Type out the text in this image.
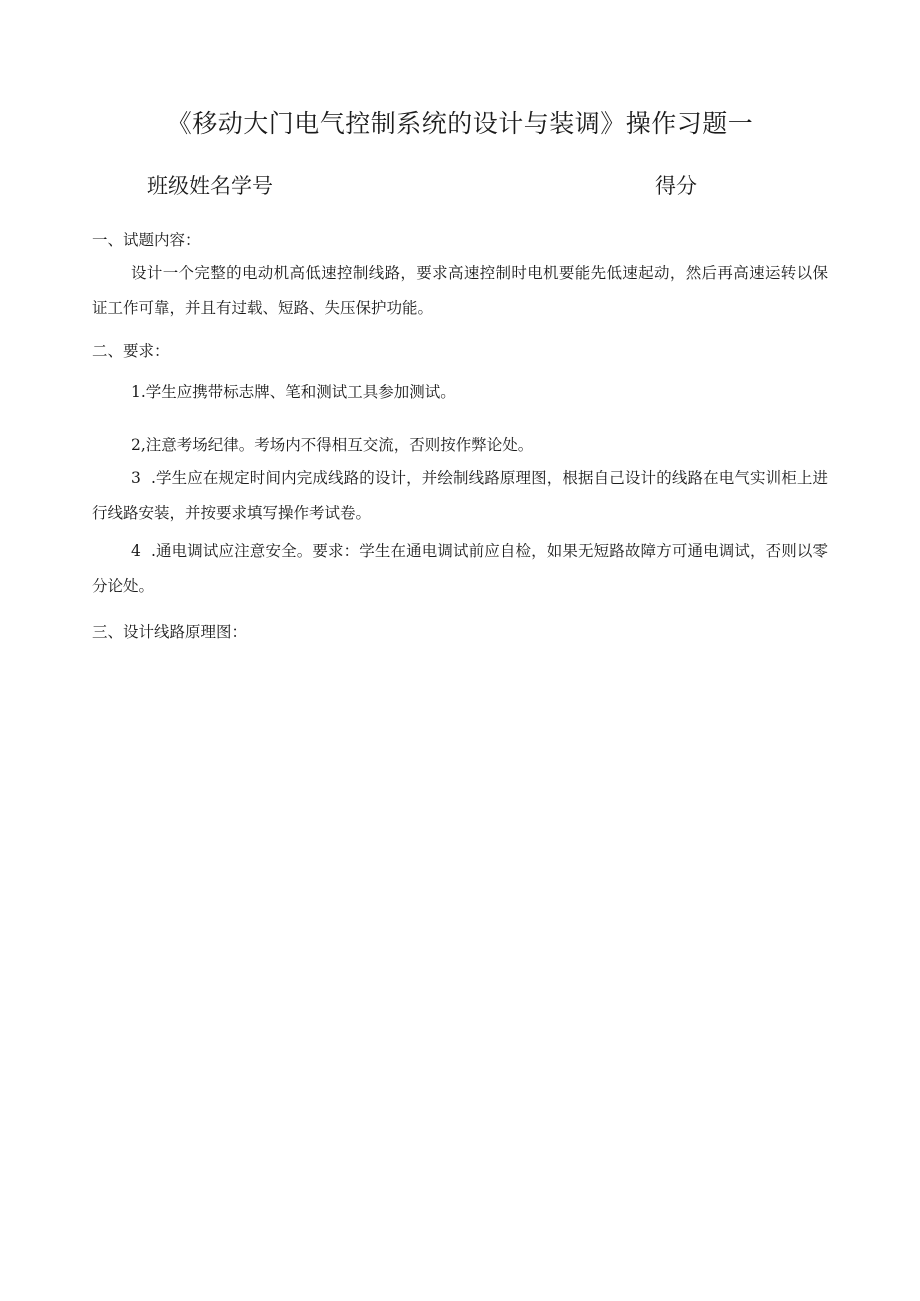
《移动大门电气控制系统的设计与装调》操作习题一
班级姓名学号	得分
一、试题内容：
设计一个完整的电动机高低速控制线路，要求高速控制时电机要能先低速起动，然后再高速运转以保证工作可靠，并且有过载、短路、失压保护功能。
二、要求：
1.学生应携带标志牌、笔和测试工具参加测试。
2,注意考场纪律。考场内不得相互交流，否则按作弊论处。
3  .学生应在规定时间内完成线路的设计，并绘制线路原理图，根据自己设计的线路在电气实训柜上进行线路安装，并按要求填写操作考试卷。
4  .通电调试应注意安全。要求：学生在通电调试前应自检，如果无短路故障方可通电调试，否则以零分论处。
三、设计线路原理图：
